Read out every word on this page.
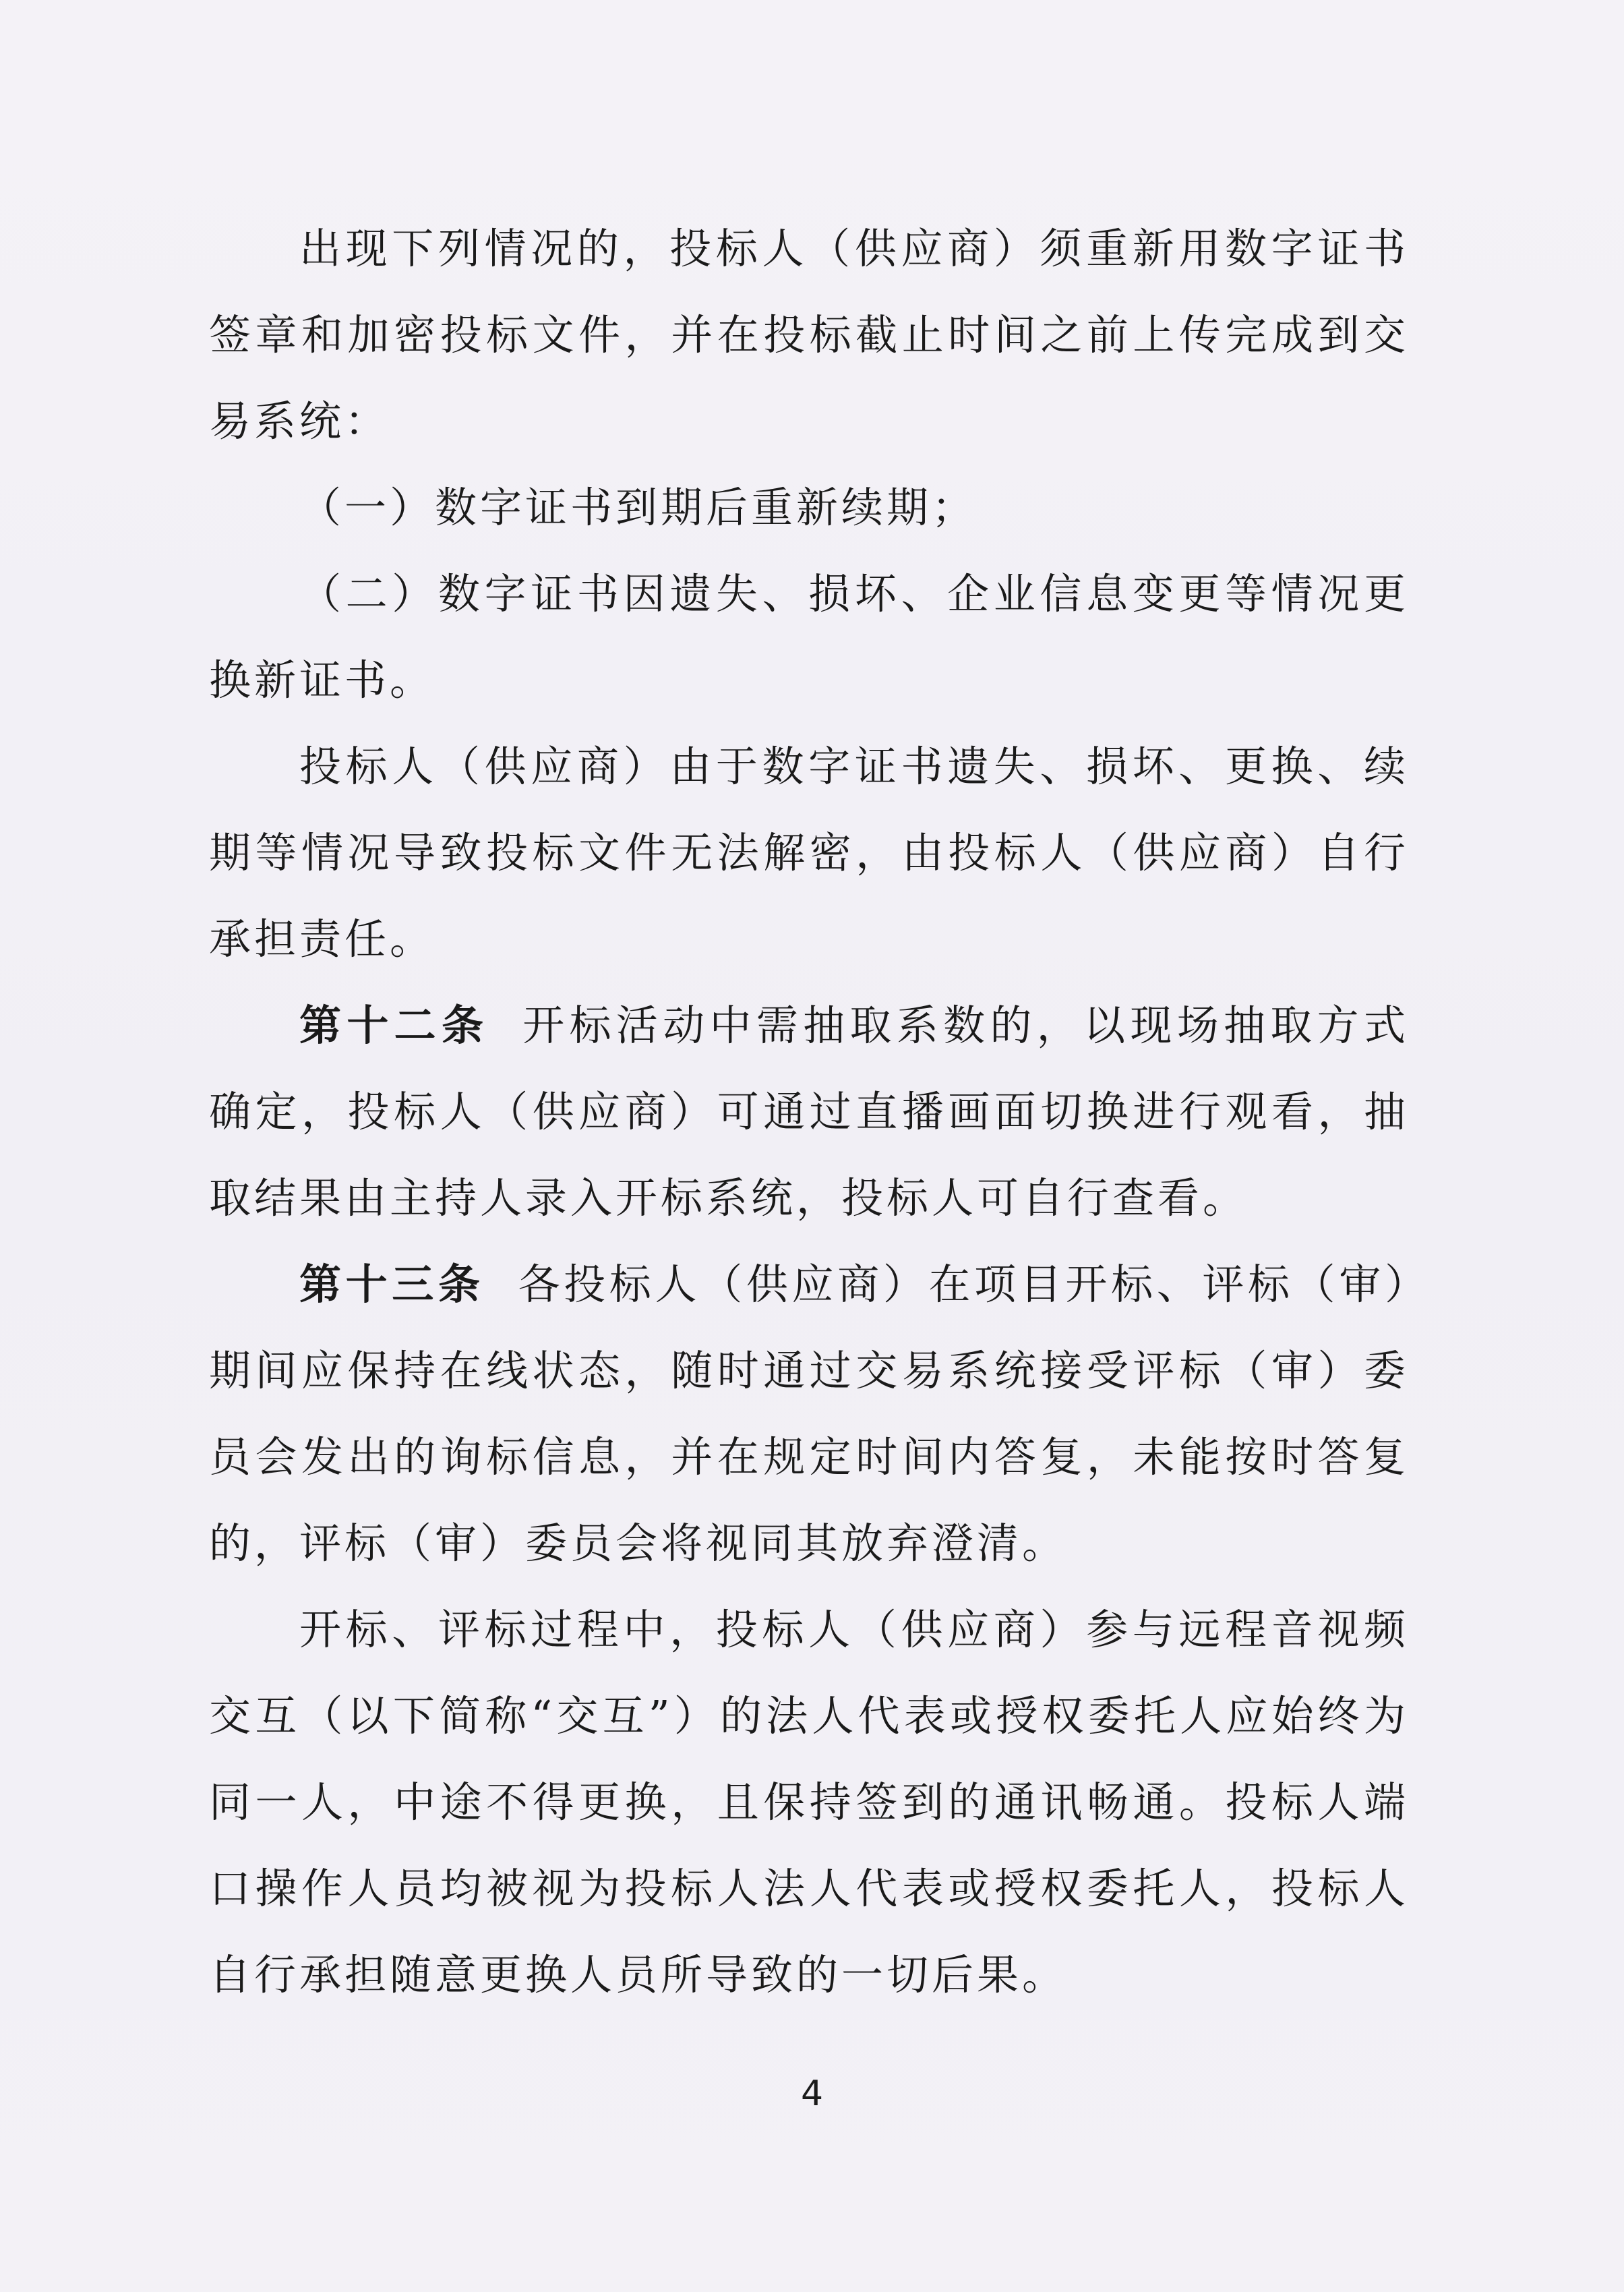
出现下列情况的，投标人（供应商）须重新用数字证书签章和加密投标文件，并在投标截止时间之前上传完成到交易系统：

（一）数字证书到期后重新续期；

（二）数字证书因遗失、损坏、企业信息变更等情况更换新证书。

投标人（供应商）由于数字证书遗失、损坏、更换、续期等情况导致投标文件无法解密，由投标人（供应商）自行承担责任。

第十二条 开标活动中需抽取系数的，以现场抽取方式确定，投标人（供应商）可通过直播画面切换进行观看，抽取结果由主持人录入开标系统，投标人可自行查看。

第十三条 各投标人（供应商）在项目开标、评标（审）期间应保持在线状态，随时通过交易系统接受评标（审）委员会发出的询标信息，并在规定时间内答复，未能按时答复的，评标（审）委员会将视同其放弃澄清。

开标、评标过程中，投标人（供应商）参与远程音视频交互（以下简称“交互”）的法人代表或授权委托人应始终为同一人，中途不得更换，且保持签到的通讯畅通。投标人端口操作人员均被视为投标人法人代表或授权委托人，投标人自行承担随意更换人员所导致的一切后果。

4
